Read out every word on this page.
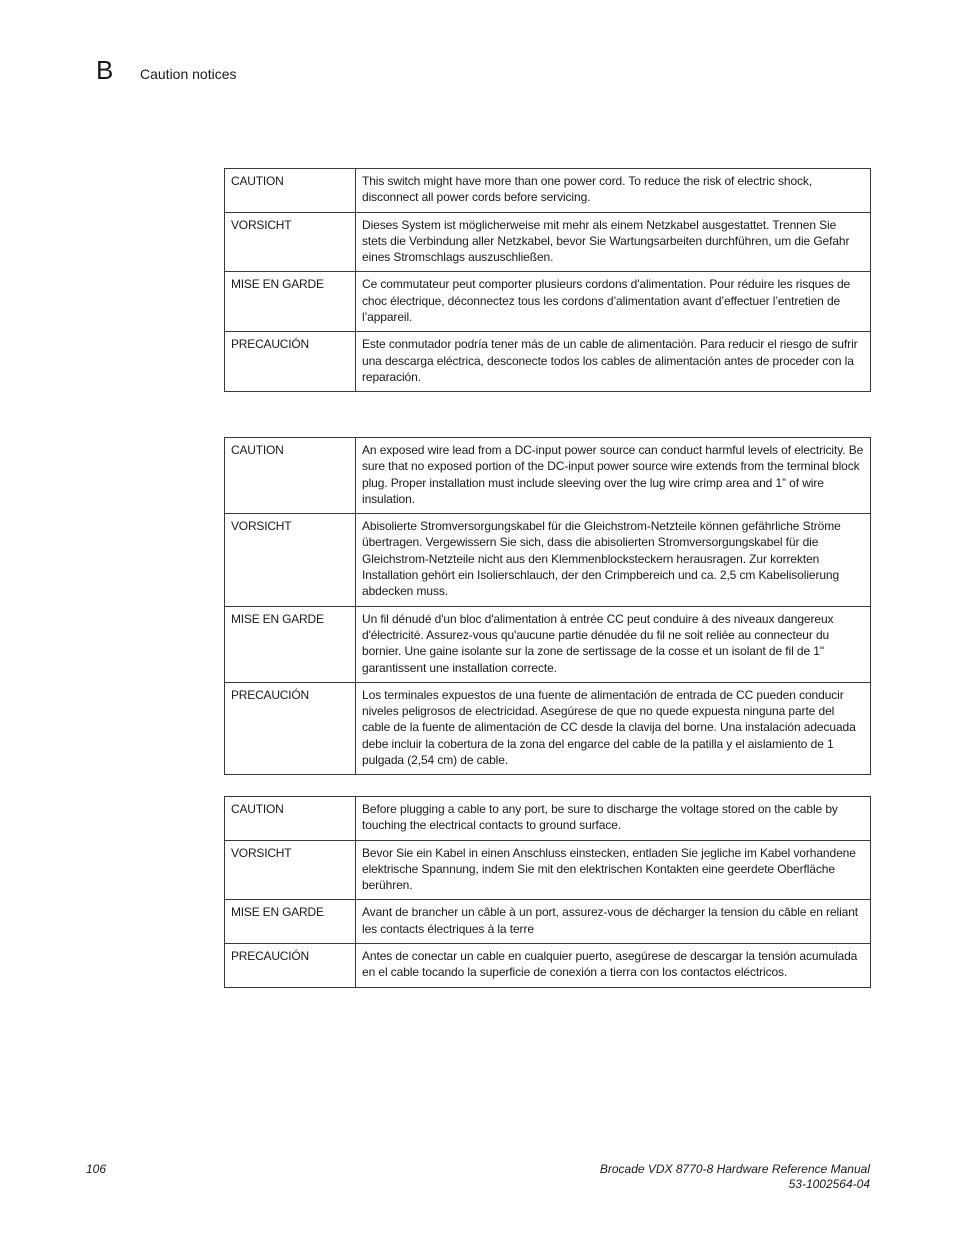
B Caution notices
CAUTION	This switch might have more than one power cord. To reduce the risk of electric shock, disconnect all power cords before servicing.
VORSICHT	Dieses System ist möglicherweise mit mehr als einem Netzkabel ausgestattet. Trennen Sie stets die Verbindung aller Netzkabel, bevor Sie Wartungsarbeiten durchführen, um die Gefahr eines Stromschlags auszuschließen.
MISE EN GARDE	Ce commutateur peut comporter plusieurs cordons d'alimentation. Pour réduire les risques de choc électrique, déconnectez tous les cordons d’alimentation avant d’effectuer l’entretien de l’appareil.
PRECAUCIÓN	Este conmutador podría tener más de un cable de alimentación. Para reducir el riesgo de sufrir una descarga eléctrica, desconecte todos los cables de alimentación antes de proceder con la reparación.
CAUTION	An exposed wire lead from a DC-input power source can conduct harmful levels of electricity. Be sure that no exposed portion of the DC-input power source wire extends from the terminal block plug. Proper installation must include sleeving over the lug wire crimp area and 1” of wire insulation.
VORSICHT	Abisolierte Stromversorgungskabel für die Gleichstrom-Netzteile können gefährliche Ströme übertragen. Vergewissern Sie sich, dass die abisolierten Stromversorgungskabel für die Gleichstrom-Netzteile nicht aus den Klemmenblocksteckern herausragen. Zur korrekten Installation gehört ein Isolierschlauch, der den Crimpbereich und ca. 2,5 cm Kabelisolierung abdecken muss.
MISE EN GARDE	Un fil dénudé d'un bloc d'alimentation à entrée CC peut conduire à des niveaux dangereux d'électricité. Assurez-vous qu'aucune partie dénudée du fil ne soit reliée au connecteur du bornier. Une gaine isolante sur la zone de sertissage de la cosse et un isolant de fil de 1" garantissent une installation correcte.
PRECAUCIÓN	Los terminales expuestos de una fuente de alimentación de entrada de CC pueden conducir niveles peligrosos de electricidad. Asegúrese de que no quede expuesta ninguna parte del cable de la fuente de alimentación de CC desde la clavija del borne. Una instalación adecuada debe incluir la cobertura de la zona del engarce del cable de la patilla y el aislamiento de 1 pulgada (2,54 cm) de cable.
CAUTION	Before plugging a cable to any port, be sure to discharge the voltage stored on the cable by touching the electrical contacts to ground surface.
VORSICHT	Bevor Sie ein Kabel in einen Anschluss einstecken, entladen Sie jegliche im Kabel vorhandene elektrische Spannung, indem Sie mit den elektrischen Kontakten eine geerdete Oberfläche berühren.
MISE EN GARDE	Avant de brancher un câble à un port, assurez-vous de décharger la tension du câble en reliant les contacts électriques à la terre
PRECAUCIÓN	Antes de conectar un cable en cualquier puerto, asegúrese de descargar la tensión acumulada en el cable tocando la superficie de conexión a tierra con los contactos eléctricos.
106	Brocade VDX 8770-8 Hardware Reference Manual
53-1002564-04
